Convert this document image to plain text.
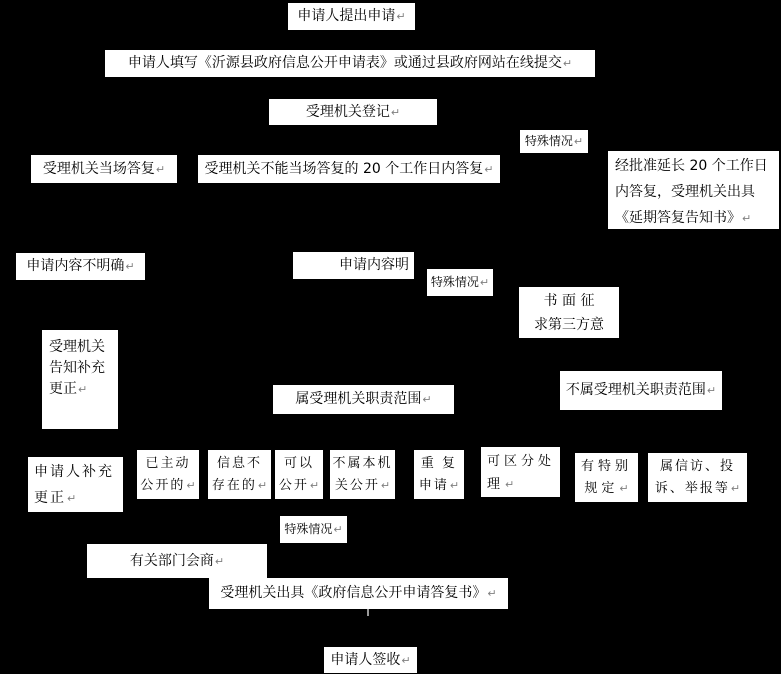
申请人提出申请↵
申请人填写《沂源县政府信息公开申请表》或通过县政府网站在线提交↵
受理机关登记↵
特殊情况↵
受理机关当场答复↵	受理机关不能当场答复的 20 个工作日内答复↵	经批准延长 20 个工作日
内答复，受理机关出具
《延期答复告知书》↵
申请内容不明确↵	申请内容明
特殊情况↵
书 面 征
求第三方意
受理机关
告知补充
更正↵
属受理机关职责范围↵
不属受理机关职责范围↵
申请人补充
更正↵
已主动
公开的↵
信息不
存在的↵
可以
公开↵
不属本机
关公开↵
重 复
申请↵
可区分处
理↵
有特别
规定↵
属信访、投
诉、举报等↵
特殊情况↵
有关部门会商↵
受理机关出具《政府信息公开申请答复书》↵
申请人签收↵
